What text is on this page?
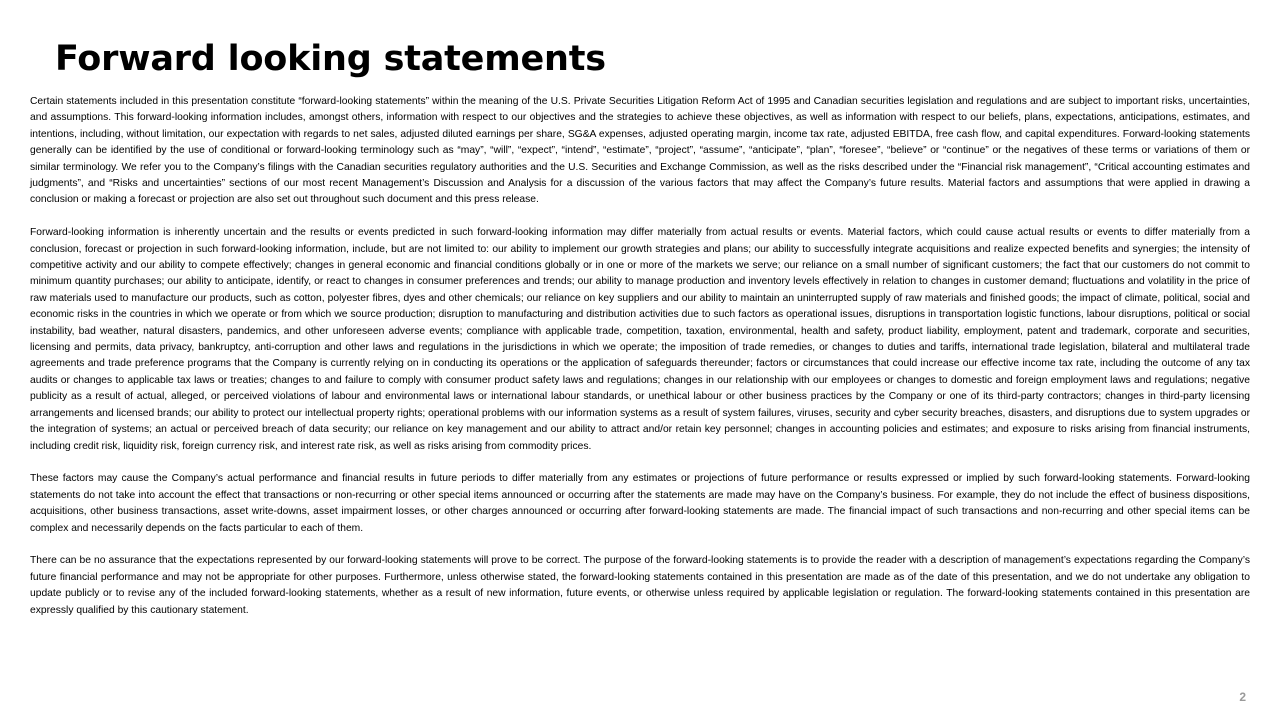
Forward looking statements

Certain statements included in this presentation constitute “forward-looking statements” within the meaning of the U.S. Private Securities Litigation Reform Act of 1995 and Canadian securities legislation and regulations and are subject to important risks, uncertainties, and assumptions. This forward-looking information includes, amongst others, information with respect to our objectives and the strategies to achieve these objectives, as well as information with respect to our beliefs, plans, expectations, anticipations, estimates, and intentions, including, without limitation, our expectation with regards to net sales, adjusted diluted earnings per share, SG&A expenses, adjusted operating margin, income tax rate, adjusted EBITDA, free cash flow, and capital expenditures. Forward-looking statements generally can be identified by the use of conditional or forward-looking terminology such as “may”, “will”, “expect”, “intend”, “estimate”, “project”, “assume”, “anticipate”, “plan”, “foresee”, “believe” or “continue” or the negatives of these terms or variations of them or similar terminology. We refer you to the Company’s filings with the Canadian securities regulatory authorities and the U.S. Securities and Exchange Commission, as well as the risks described under the “Financial risk management”, “Critical accounting estimates and judgments”, and “Risks and uncertainties” sections of our most recent Management’s Discussion and Analysis for a discussion of the various factors that may affect the Company’s future results. Material factors and assumptions that were applied in drawing a conclusion or making a forecast or projection are also set out throughout such document and this press release.

Forward-looking information is inherently uncertain and the results or events predicted in such forward-looking information may differ materially from actual results or events. Material factors, which could cause actual results or events to differ materially from a conclusion, forecast or projection in such forward-looking information, include, but are not limited to: our ability to implement our growth strategies and plans; our ability to successfully integrate acquisitions and realize expected benefits and synergies; the intensity of competitive activity and our ability to compete effectively; changes in general economic and financial conditions globally or in one or more of the markets we serve; our reliance on a small number of significant customers; the fact that our customers do not commit to minimum quantity purchases; our ability to anticipate, identify, or react to changes in consumer preferences and trends; our ability to manage production and inventory levels effectively in relation to changes in customer demand; fluctuations and volatility in the price of raw materials used to manufacture our products, such as cotton, polyester fibres, dyes and other chemicals; our reliance on key suppliers and our ability to maintain an uninterrupted supply of raw materials and finished goods; the impact of climate, political, social and economic risks in the countries in which we operate or from which we source production; disruption to manufacturing and distribution activities due to such factors as operational issues, disruptions in transportation logistic functions, labour disruptions, political or social instability, bad weather, natural disasters, pandemics, and other unforeseen adverse events; compliance with applicable trade, competition, taxation, environmental, health and safety, product liability, employment, patent and trademark, corporate and securities, licensing and permits, data privacy, bankruptcy, anti-corruption and other laws and regulations in the jurisdictions in which we operate; the imposition of trade remedies, or changes to duties and tariffs, international trade legislation, bilateral and multilateral trade agreements and trade preference programs that the Company is currently relying on in conducting its operations or the application of safeguards thereunder; factors or circumstances that could increase our effective income tax rate, including the outcome of any tax audits or changes to applicable tax laws or treaties; changes to and failure to comply with consumer product safety laws and regulations; changes in our relationship with our employees or changes to domestic and foreign employment laws and regulations; negative publicity as a result of actual, alleged, or perceived violations of labour and environmental laws or international labour standards, or unethical labour or other business practices by the Company or one of its third-party contractors; changes in third-party licensing arrangements and licensed brands; our ability to protect our intellectual property rights; operational problems with our information systems as a result of system failures, viruses, security and cyber security breaches, disasters, and disruptions due to system upgrades or the integration of systems; an actual or perceived breach of data security; our reliance on key management and our ability to attract and/or retain key personnel; changes in accounting policies and estimates; and exposure to risks arising from financial instruments, including credit risk, liquidity risk, foreign currency risk, and interest rate risk, as well as risks arising from commodity prices.

These factors may cause the Company’s actual performance and financial results in future periods to differ materially from any estimates or projections of future performance or results expressed or implied by such forward-looking statements. Forward-looking statements do not take into account the effect that transactions or non-recurring or other special items announced or occurring after the statements are made may have on the Company’s business. For example, they do not include the effect of business dispositions, acquisitions, other business transactions, asset write-downs, asset impairment losses, or other charges announced or occurring after forward-looking statements are made. The financial impact of such transactions and non-recurring and other special items can be complex and necessarily depends on the facts particular to each of them.

There can be no assurance that the expectations represented by our forward-looking statements will prove to be correct. The purpose of the forward-looking statements is to provide the reader with a description of management’s expectations regarding the Company’s future financial performance and may not be appropriate for other purposes. Furthermore, unless otherwise stated, the forward-looking statements contained in this presentation are made as of the date of this presentation, and we do not undertake any obligation to update publicly or to revise any of the included forward-looking statements, whether as a result of new information, future events, or otherwise unless required by applicable legislation or regulation. The forward-looking statements contained in this presentation are expressly qualified by this cautionary statement.

2
